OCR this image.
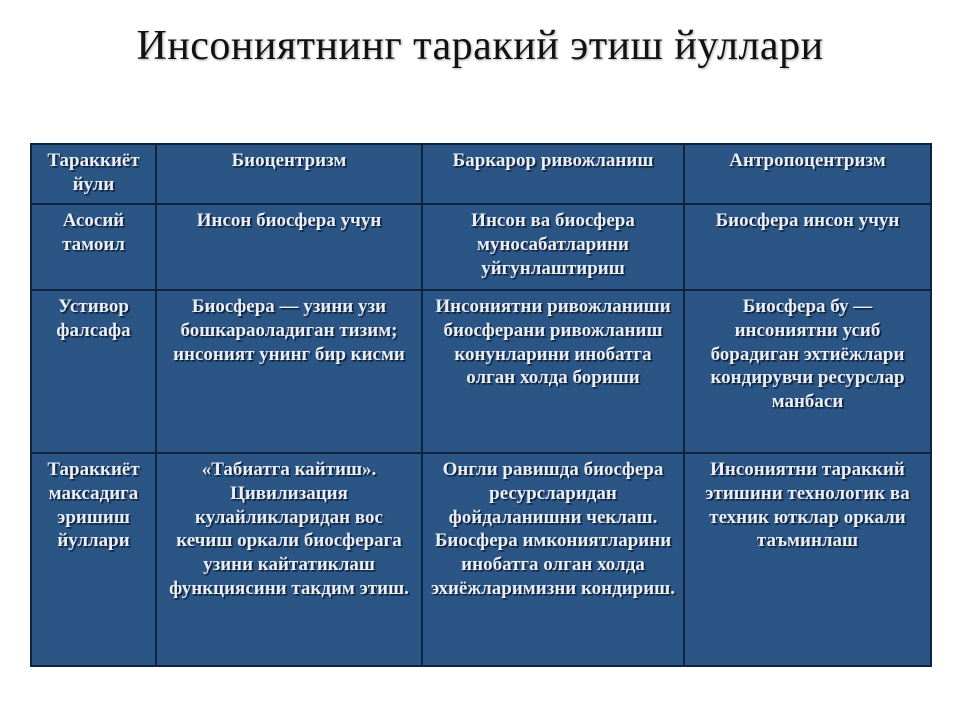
Инсониятнинг таракий этиш йуллари
Тараккиёт йули	Биоцентризм	Баркарор ривожланиш	Антропоцентризм
Асосий тамоил	Инсон биосфера учун	Инсон ва биосфера муносабатларини уйгунлаштириш	Биосфера инсон учун
Устивор фалсафа	Биосфера — узини узи бошкараоладиган тизим; инсоният унинг бир кисми	Инсониятни ривожланиши биосферани ривожланиш конунларини инобатга олган холда бориши	Биосфера бу — инсониятни усиб борадиган эхтиёжлари кондирувчи ресурслар манбаси
Тараккиёт максадига эришиш йуллари	«Табиатга кайтиш». Цивилизация кулайликларидан вос кечиш оркали биосферага узини кайтатиклаш функциясини такдим этиш.	Онгли равишда биосфера ресурсларидан фойдаланишни чеклаш. Биосфера имкониятларини инобатга олган холда эхиёжларимизни кондириш.	Инсониятни тараккий этишини технологик ва техник ютклар оркали таъминлаш
